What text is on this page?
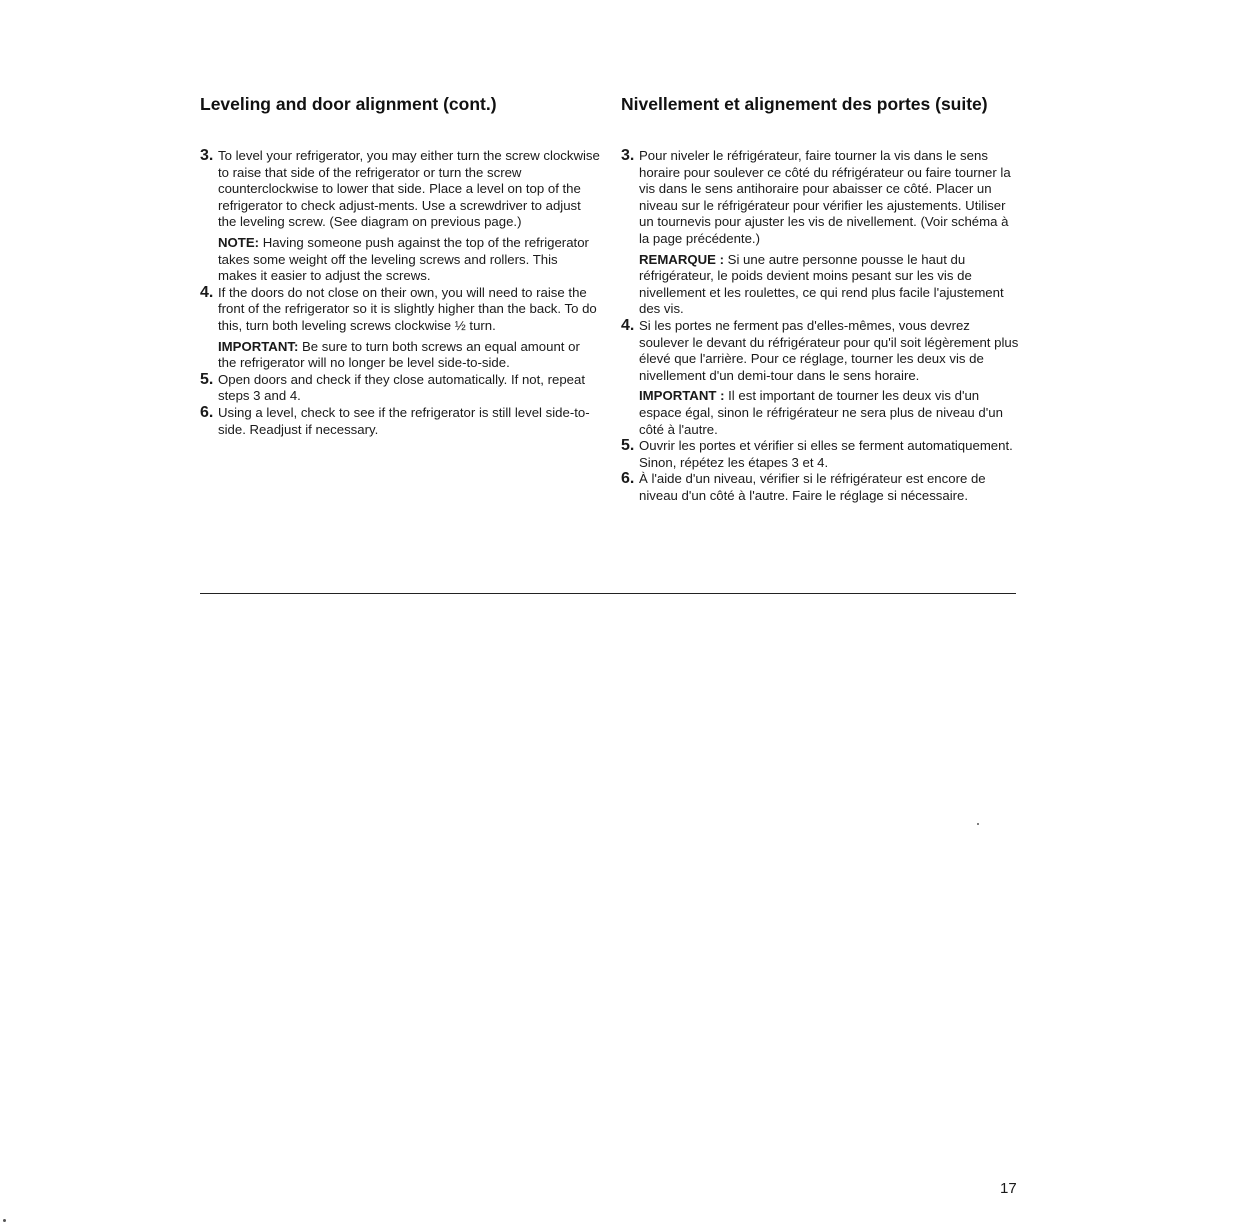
Leveling and door alignment (cont.)
3. To level your refrigerator, you may either turn the screw clockwise to raise that side of the refrigerator or turn the screw counterclockwise to lower that side. Place a level on top of the refrigerator to check adjust-ments. Use a screwdriver to adjust the leveling screw. (See diagram on previous page.)

NOTE: Having someone push against the top of the refrigerator takes some weight off the leveling screws and rollers. This makes it easier to adjust the screws.

4. If the doors do not close on their own, you will need to raise the front of the refrigerator so it is slightly higher than the back. To do this, turn both leveling screws clockwise ½ turn.

IMPORTANT: Be sure to turn both screws an equal amount or the refrigerator will no longer be level side-to-side.

5. Open doors and check if they close automatically. If not, repeat steps 3 and 4.

6. Using a level, check to see if the refrigerator is still level side-to-side. Readjust if necessary.

Nivellement et alignement des portes (suite)
3. Pour niveler le réfrigérateur, faire tourner la vis dans le sens horaire pour soulever ce côté du réfrigérateur ou faire tourner la vis dans le sens antihoraire pour abaisser ce côté. Placer un niveau sur le réfrigérateur pour vérifier les ajustements. Utiliser un tournevis pour ajuster les vis de nivellement. (Voir schéma à la page précédente.)

REMARQUE : Si une autre personne pousse le haut du réfrigérateur, le poids devient moins pesant sur les vis de nivellement et les roulettes, ce qui rend plus facile l'ajustement des vis.

4. Si les portes ne ferment pas d'elles-mêmes, vous devrez soulever le devant du réfrigérateur pour qu'il soit légèrement plus élevé que l'arrière. Pour ce réglage, tourner les deux vis de nivellement d'un demi-tour dans le sens horaire.

IMPORTANT : Il est important de tourner les deux vis d'un espace égal, sinon le réfrigérateur ne sera plus de niveau d'un côté à l'autre.

5. Ouvrir les portes et vérifier si elles se ferment automatiquement. Sinon, répétez les étapes 3 et 4.

6. À l'aide d'un niveau, vérifier si le réfrigérateur est encore de niveau d'un côté à l'autre. Faire le réglage si nécessaire.

17
